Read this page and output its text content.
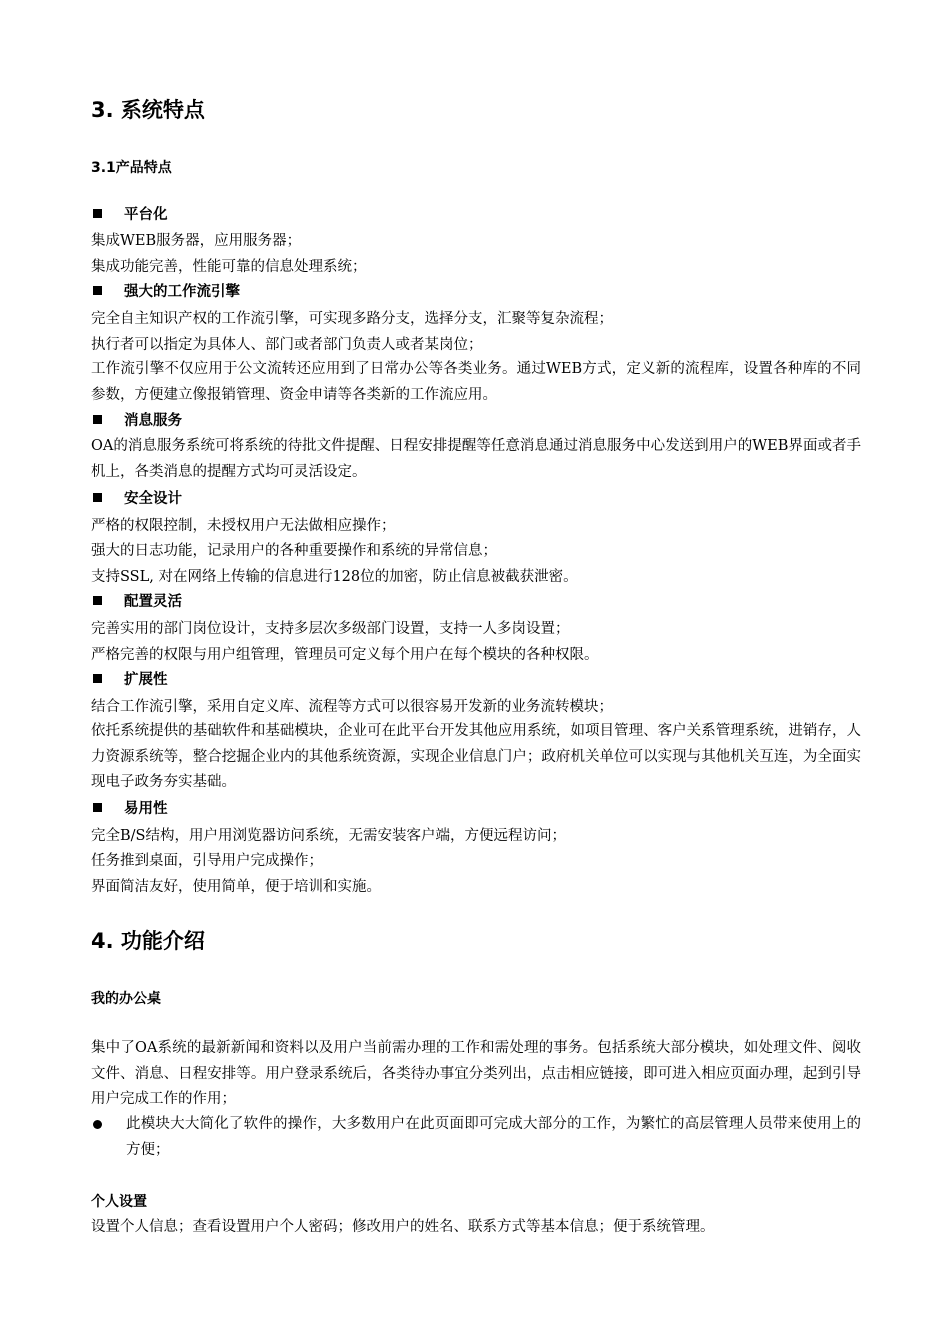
3. 系统特点
3.1产品特点
平台化
集成WEB服务器，应用服务器；
集成功能完善，性能可靠的信息处理系统；
强大的工作流引擎
完全自主知识产权的工作流引擎，可实现多路分支，选择分支，汇聚等复杂流程；
执行者可以指定为具体人、部门或者部门负责人或者某岗位；
工作流引擎不仅应用于公文流转还应用到了日常办公等各类业务。通过WEB方式，定义新的流程库，设置各种库的不同参数，方便建立像报销管理、资金申请等各类新的工作流应用。
消息服务
OA的消息服务系统可将系统的待批文件提醒、日程安排提醒等任意消息通过消息服务中心发送到用户的WEB界面或者手机上，各类消息的提醒方式均可灵活设定。
安全设计
严格的权限控制，未授权用户无法做相应操作；
强大的日志功能，记录用户的各种重要操作和系统的异常信息；
支持SSL, 对在网络上传输的信息进行128位的加密，防止信息被截获泄密。
配置灵活
完善实用的部门岗位设计，支持多层次多级部门设置，支持一人多岗设置；
严格完善的权限与用户组管理，管理员可定义每个用户在每个模块的各种权限。
扩展性
结合工作流引擎，采用自定义库、流程等方式可以很容易开发新的业务流转模块；
依托系统提供的基础软件和基础模块，企业可在此平台开发其他应用系统，如项目管理、客户关系管理系统，进销存，人力资源系统等，整合挖掘企业内的其他系统资源，实现企业信息门户；政府机关单位可以实现与其他机关互连，为全面实现电子政务夯实基础。
易用性
完全B/S结构，用户用浏览器访问系统，无需安装客户端，方便远程访问；
任务推到桌面，引导用户完成操作；
界面简洁友好，使用简单，便于培训和实施。
4. 功能介绍
我的办公桌
集中了OA系统的最新新闻和资料以及用户当前需办理的工作和需处理的事务。包括系统大部分模块，如处理文件、阅收文件、消息、日程安排等。用户登录系统后，各类待办事宜分类列出，点击相应链接，即可进入相应页面办理，起到引导用户完成工作的作用；
此模块大大简化了软件的操作，大多数用户在此页面即可完成大部分的工作，为繁忙的高层管理人员带来使用上的方便；
个人设置
设置个人信息；查看设置用户个人密码；修改用户的姓名、联系方式等基本信息；便于系统管理。
